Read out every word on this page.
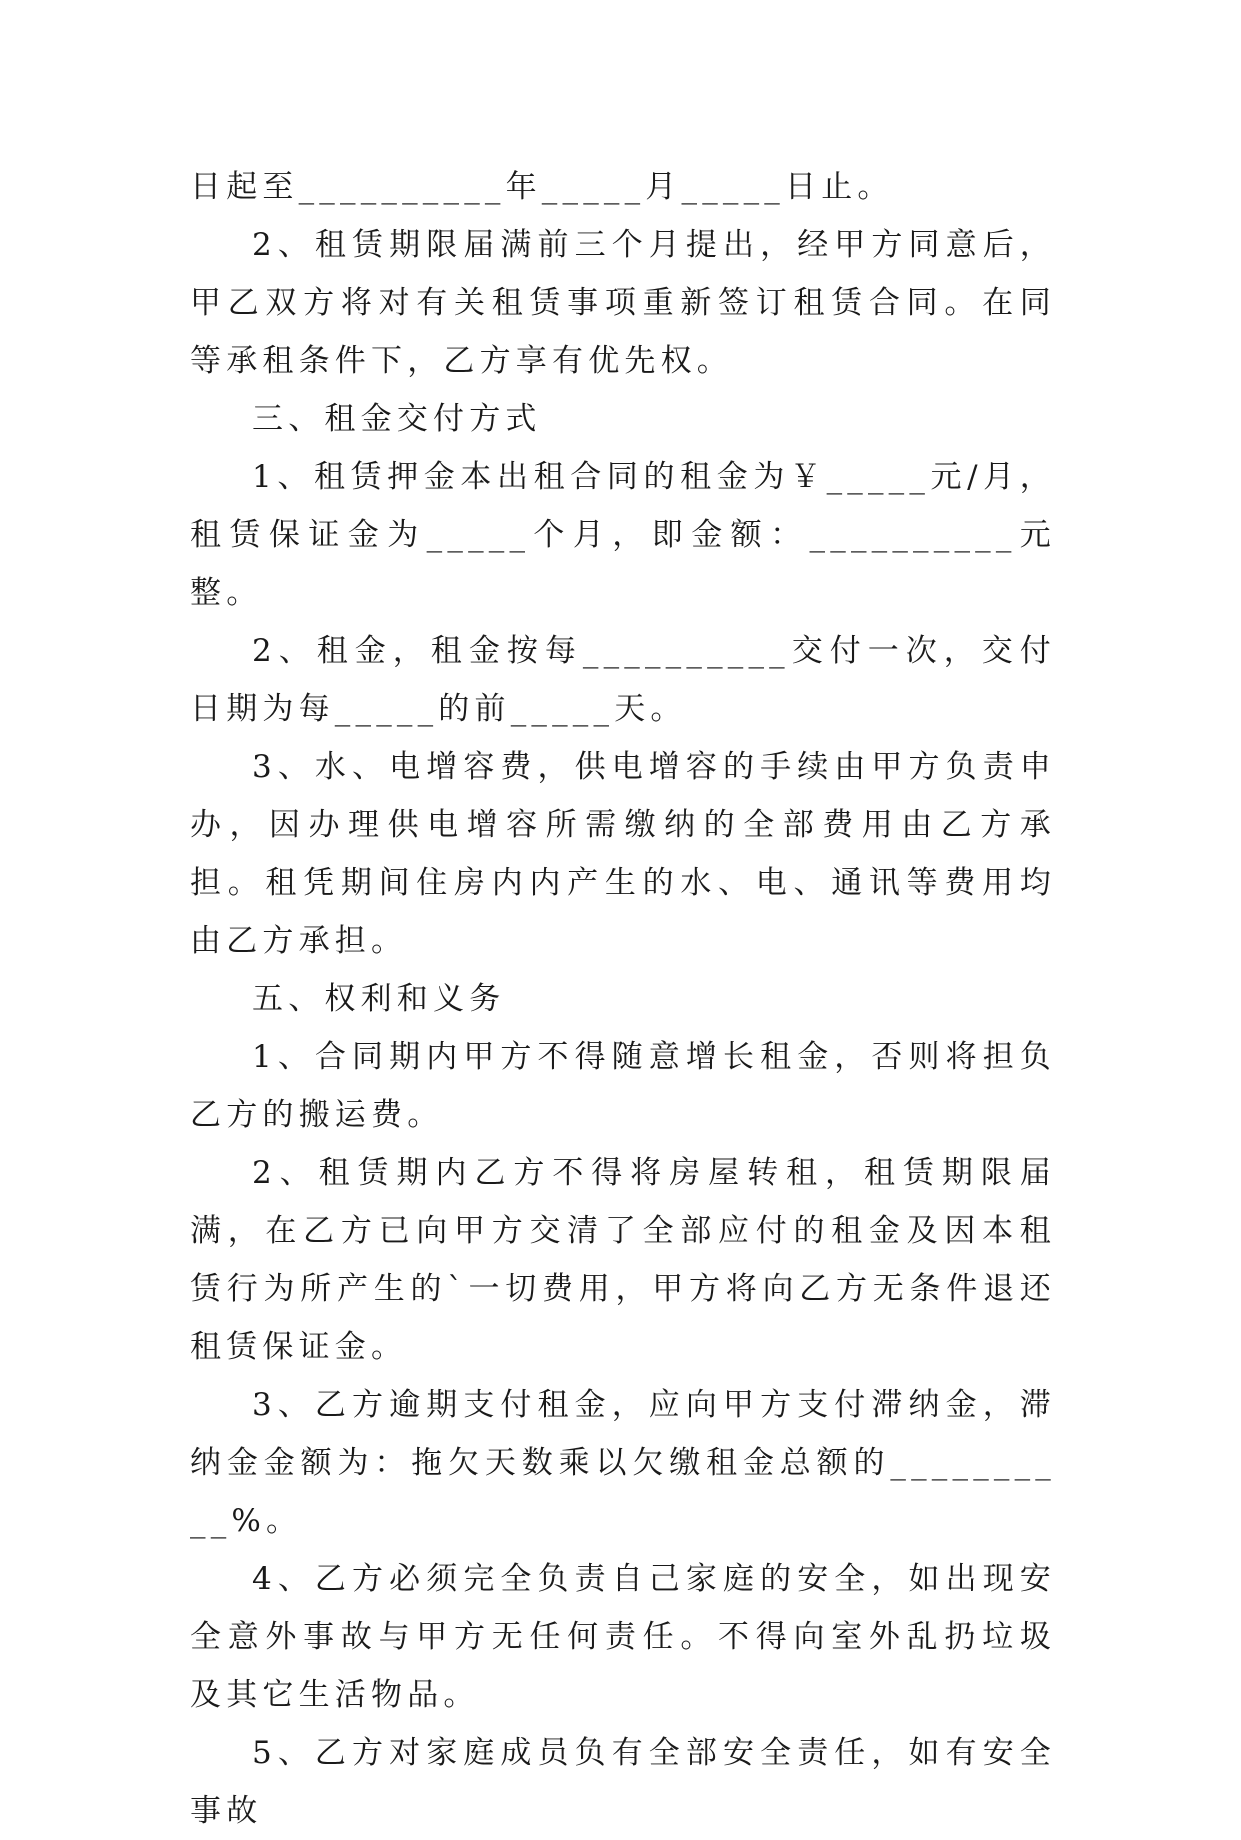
日起至__________年_____月_____日止。

2、租赁期限届满前三个月提出，经甲方同意后，甲乙双方将对有关租赁事项重新签订租赁合同。在同等承租条件下，乙方享有优先权。

三、租金交付方式

1、租赁押金本出租合同的租金为￥_____元/月，租赁保证金为_____个月，即金额：__________元整。

2、租金，租金按每__________交付一次，交付日期为每_____的前_____天。

3、水、电增容费，供电增容的手续由甲方负责申办，因办理供电增容所需缴纳的全部费用由乙方承担。租凭期间住房内内产生的水、电、通讯等费用均由乙方承担。

五、权利和义务

1、合同期内甲方不得随意增长租金，否则将担负乙方的搬运费。

2、租赁期内乙方不得将房屋转租，租赁期限届满，在乙方已向甲方交清了全部应付的租金及因本租赁行为所产生的`一切费用，甲方将向乙方无条件退还租赁保证金。

3、乙方逾期支付租金，应向甲方支付滞纳金，滞纳金金额为：拖欠天数乘以欠缴租金总额的__________%。

4、乙方必须完全负责自己家庭的安全，如出现安全意外事故与甲方无任何责任。不得向室外乱扔垃圾及其它生活物品。

5、乙方对家庭成员负有全部安全责任，如有安全事故
